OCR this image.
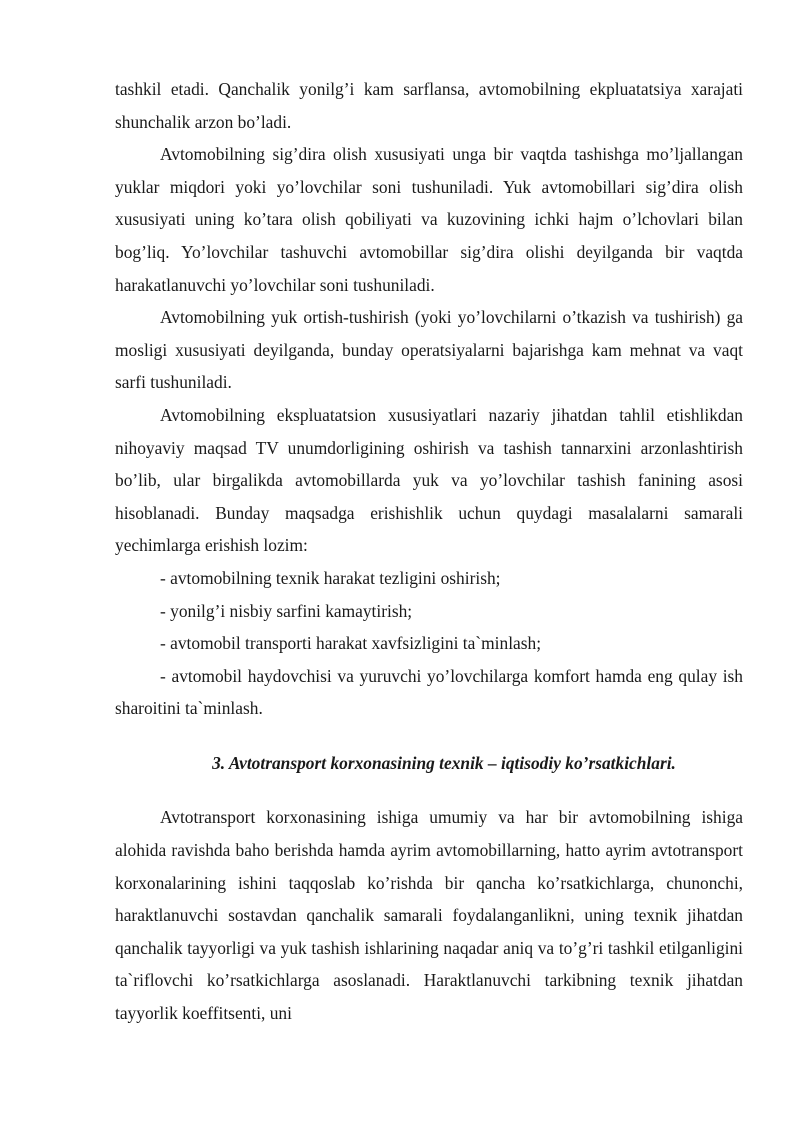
tashkil etadi. Qanchalik yonilg’i kam sarflansa, avtomobilning ekpluatatsiya xarajati shunchalik arzon bo’ladi.

Avtomobilning sig’dira olish xususiyati unga bir vaqtda tashishga mo’ljallangan yuklar miqdori yoki yo’lovchilar soni tushuniladi. Yuk avtomobillari sig’dira olish xususiyati uning ko’tara olish qobiliyati va kuzovining ichki hajm o’lchovlari bilan bog’liq. Yo’lovchilar tashuvchi avtomobillar sig’dira olishi deyilganda bir vaqtda harakatlanuvchi yo’lovchilar soni tushuniladi.

Avtomobilning yuk ortish-tushirish (yoki yo’lovchilarni o’tkazish va tushirish) ga mosligi xususiyati deyilganda, bunday operatsiyalarni bajarishga kam mehnat va vaqt sarfi tushuniladi.

Avtomobilning ekspluatatsion xususiyatlari nazariy jihatdan tahlil etishlikdan nihoyaviy maqsad TV unumdorligining oshirish va tashish tannarxini arzonlashtirish bo’lib, ular birgalikda avtomobillarda yuk va yo’lovchilar tashish fanining asosi hisoblanadi. Bunday maqsadga erishishlik uchun quydagi masalalarni samarali yechimlarga erishish lozim:

- avtomobilning texnik harakat tezligini oshirish;

- yonilg’i nisbiy sarfini kamaytirish;

- avtomobil transporti harakat xavfsizligini ta`minlash;

- avtomobil haydovchisi va yuruvchi yo’lovchilarga komfort hamda eng qulay ish sharoitini ta`minlash.

3. Avtotransport korxonasining texnik – iqtisodiy ko’rsatkichlari.

Avtotransport korxonasining ishiga umumiy va har bir avtomobilning ishiga alohida ravishda baho berishda hamda ayrim avtomobillarning, hatto ayrim avtotransport korxonalarining ishini taqqoslab ko’rishda bir qancha ko’rsatkichlarga, chunonchi, haraktlanuvchi sostavdan qanchalik samarali foydalanganlikni, uning texnik jihatdan qanchalik tayyorligi va yuk tashish ishlarining naqadar aniq va to’g’ri tashkil etilganligini ta`riflovchi ko’rsatkichlarga asoslanadi. Haraktlanuvchi tarkibning texnik jihatdan tayyorlik koeffitsenti, uni
